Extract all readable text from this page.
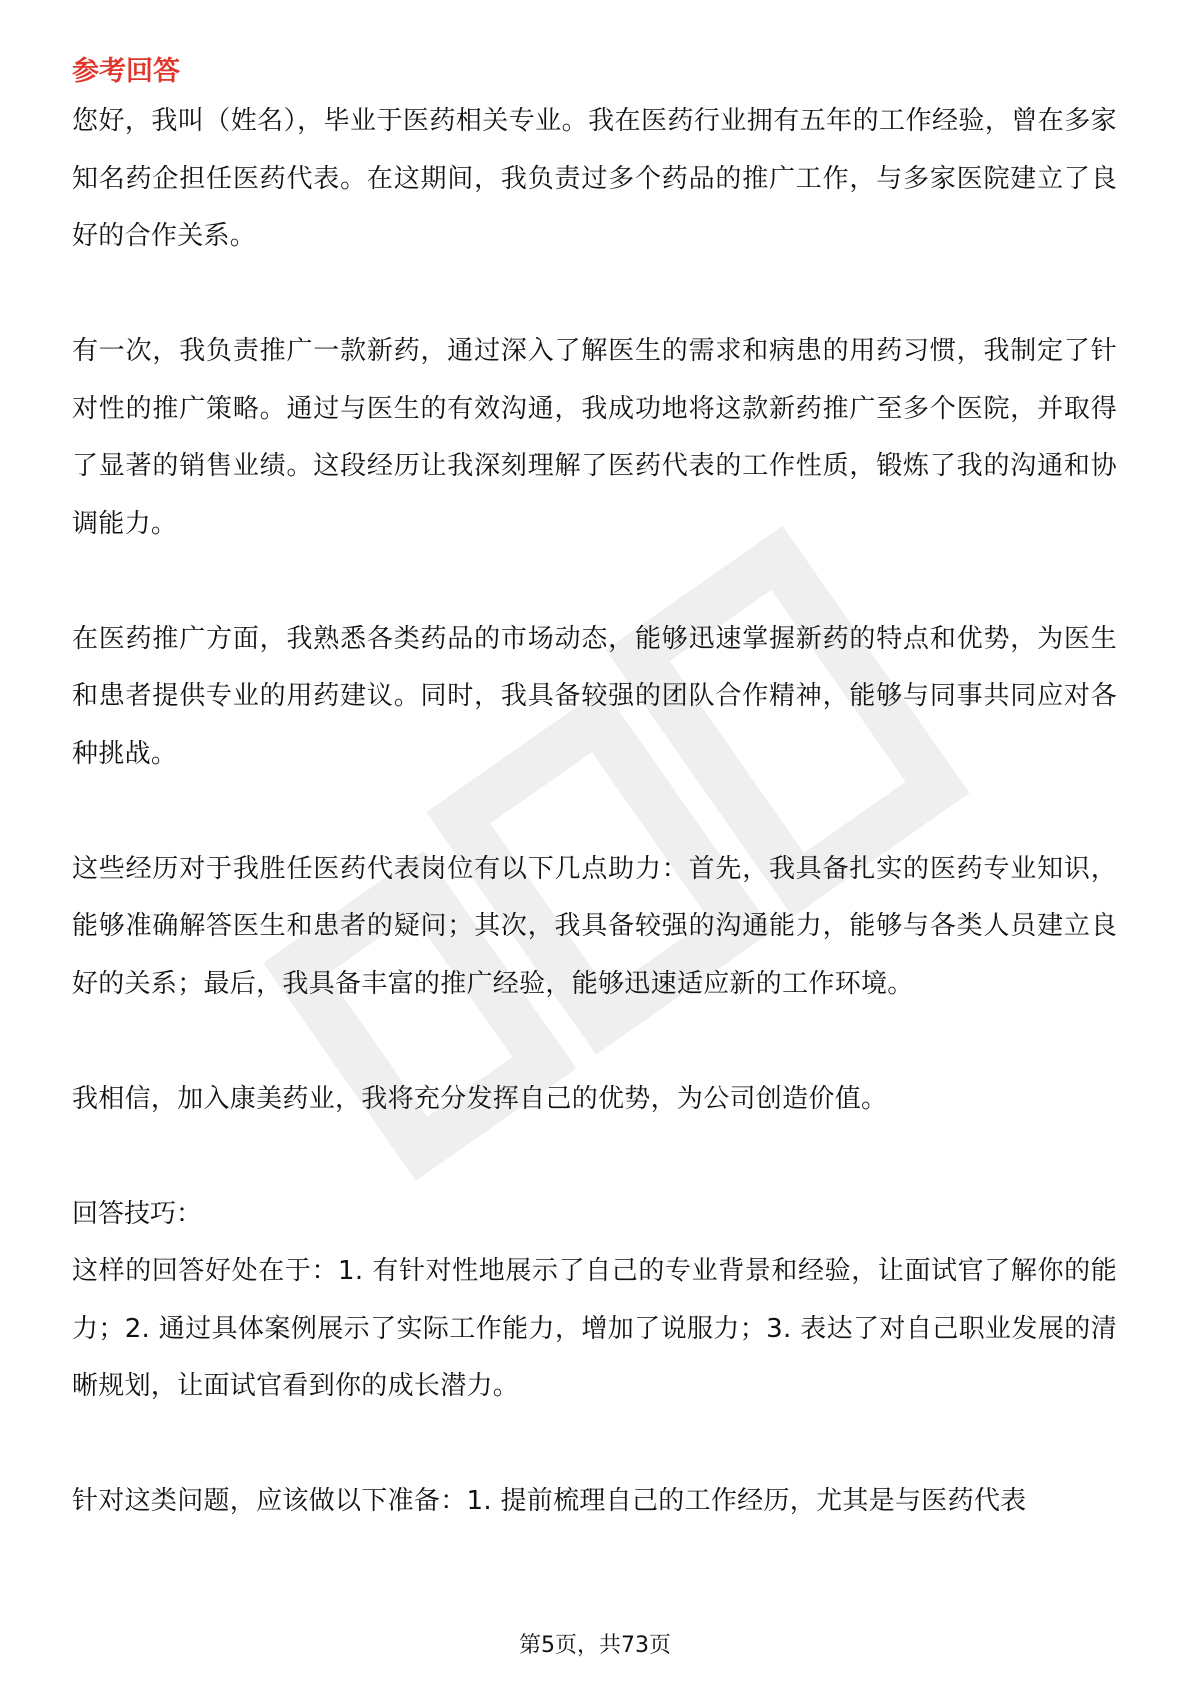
参考回答

您好，我叫（姓名），毕业于医药相关专业。我在医药行业拥有五年的工作经验，曾在多家知名药企担任医药代表。在这期间，我负责过多个药品的推广工作，与多家医院建立了良好的合作关系。

有一次，我负责推广一款新药，通过深入了解医生的需求和病患的用药习惯，我制定了针对性的推广策略。通过与医生的有效沟通，我成功地将这款新药推广至多个医院，并取得了显著的销售业绩。这段经历让我深刻理解了医药代表的工作性质，锻炼了我的沟通和协调能力。

在医药推广方面，我熟悉各类药品的市场动态，能够迅速掌握新药的特点和优势，为医生和患者提供专业的用药建议。同时，我具备较强的团队合作精神，能够与同事共同应对各种挑战。

这些经历对于我胜任医药代表岗位有以下几点助力：首先，我具备扎实的医药专业知识，能够准确解答医生和患者的疑问；其次，我具备较强的沟通能力，能够与各类人员建立良好的关系；最后，我具备丰富的推广经验，能够迅速适应新的工作环境。

我相信，加入康美药业，我将充分发挥自己的优势，为公司创造价值。

回答技巧：

这样的回答好处在于：1. 有针对性地展示了自己的专业背景和经验，让面试官了解你的能力；2. 通过具体案例展示了实际工作能力，增加了说服力；3. 表达了对自己职业发展的清晰规划，让面试官看到你的成长潜力。

针对这类问题，应该做以下准备：1. 提前梳理自己的工作经历，尤其是与医药代表

第5页，共73页
